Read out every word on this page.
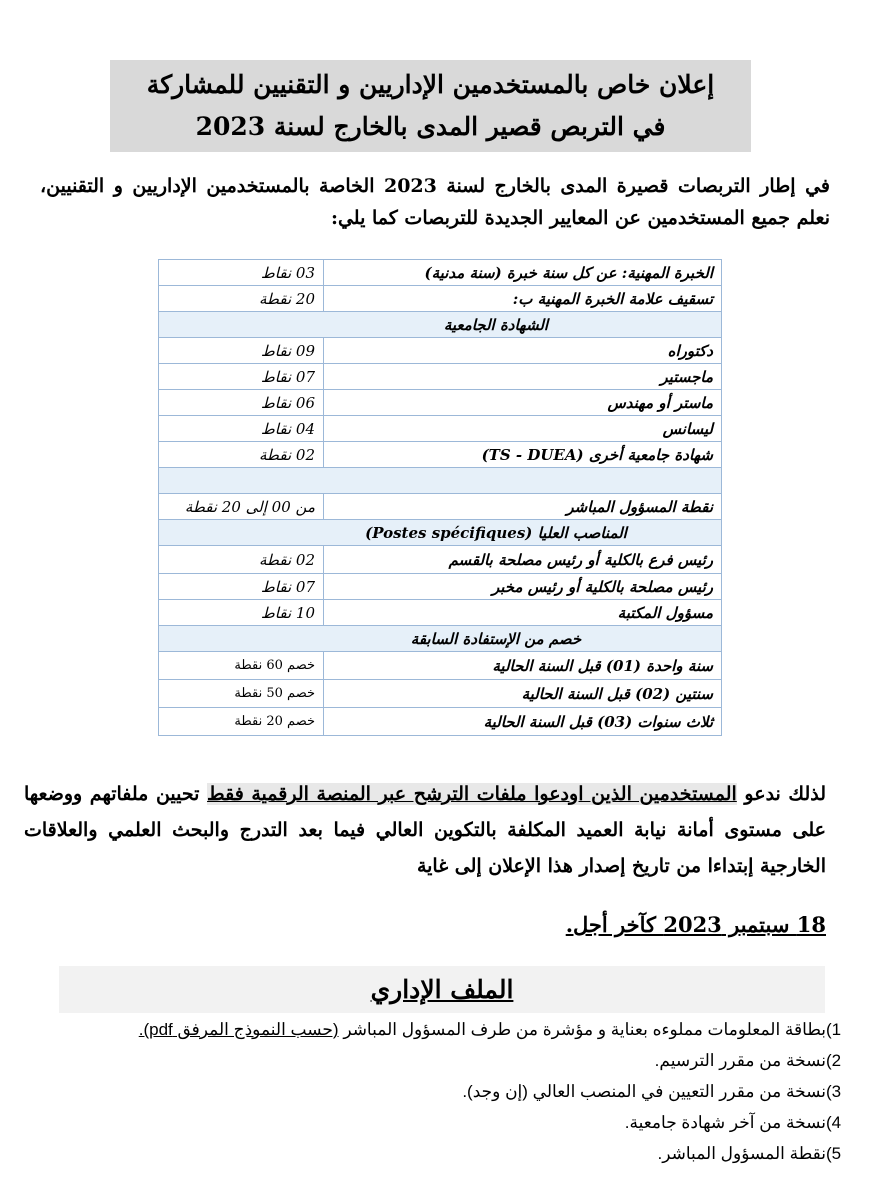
إعلان خاص بالمستخدمين الإداريين و التقنيين للمشاركة
في التربص قصير المدى بالخارج لسنة 2023
في إطار التربصات قصيرة المدى بالخارج لسنة 2023 الخاصة بالمستخدمين الإداريين و التقنيين، نعلم جميع المستخدمين عن المعايير الجديدة للتربصات كما يلي:
الخبرة المهنية: عن كل سنة خبرة (سنة مدنية)	03 نقاط
تسقيف علامة الخبرة المهنية ب:	20 نقطة
الشهادة الجامعية	
دكتوراه	09 نقاط
ماجستير	07 نقاط
ماستر أو مهندس	06 نقاط
ليسانس	04 نقاط
شهادة جامعية أخرى (TS - DUEA)	02 نقطة

نقطة المسؤول المباشر	من 00 إلى 20 نقطة
المناصب العليا (Postes spécifiques)	
رئيس فرع بالكلية أو رئيس مصلحة بالقسم	02 نقطة
رئيس مصلحة بالكلية أو رئيس مخبر	07 نقاط
مسؤول المكتبة	10 نقاط
خصم من الإستفادة السابقة	
سنة واحدة (01) قبل السنة الحالية	خصم 60 نقطة
سنتين (02) قبل السنة الحالية	خصم 50 نقطة
ثلاث سنوات (03) قبل السنة الحالية	خصم 20 نقطة
لذلك ندعو المستخدمين الذين اودعوا ملفات الترشح عبر المنصة الرقمية فقط تحيين ملفاتهم ووضعها على مستوى أمانة نيابة العميد المكلفة بالتكوين العالي فيما بعد التدرج والبحث العلمي والعلاقات الخارجية إبتداءا من تاريخ إصدار هذا الإعلان إلى غاية
18 سبتمبر 2023 كآخر أجل.
الملف الإداري
1)
بطاقة المعلومات مملوءه بعناية و مؤشرة من طرف المسؤول المباشر (حسب النموذج المرفق pdf).
2)
نسخة من مقرر الترسيم.
3)
نسخة من مقرر التعيين في المنصب العالي (إن وجد).
4)
نسخة من آخر شهادة جامعية.
5)
نقطة المسؤول المباشر.
